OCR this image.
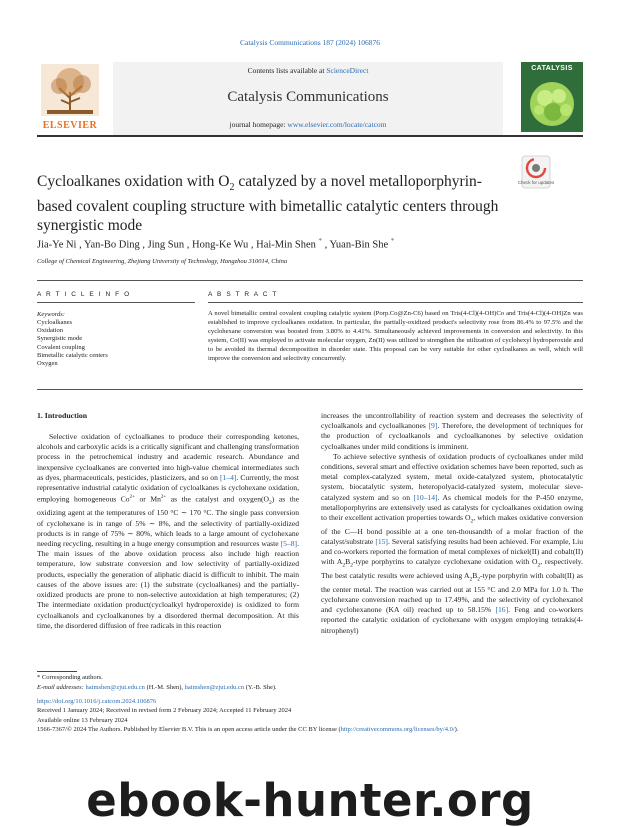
Catalysis Communications 187 (2024) 106876
ELSEVIER
Contents lists available at ScienceDirect
Catalysis Communications
journal homepage: www.elsevier.com/locate/catcom
CATALYSIS
Cycloalkanes oxidation with $O_2$ catalyzed by a novel metalloporphyrin-based covalent coupling structure with bimetallic catalytic centers through synergistic mode
Check for updates
Jia-Ye Ni , Yan-Bo Ding , Jing Sun , Hong-Ke Wu , Hai-Min Shen * , Yuan-Bin She *
College of Chemical Engineering, Zhejiang University of Technology, Hangzhou 310014, China
A R T I C L E I N F O	A B S T R A C T
Keywords:
Cycloalkanes
Oxidation
Synergistic mode
Covalent coupling
Bimetallic catalytic centers
Oxygen
A novel bimetallic central covalent coupling catalytic system (Porp.Co@Zn-C6) based on Tris(4-Cl)(4-OH)Co and Tris(4-Cl)(4-OH)Zn was established to improve cycloalkanes oxidation. In particular, the partially-oxidized product's selectivity rose from 86.4% to 97.5% and the cyclohexane conversion was boosted from 3.80% to 4.41%. Simultaneously achieved improvements in conversion and selectivity. In this system, Co(II) was employed to activate molecular oxygen, Zn(II) was utilized to strengthen the utilization of cyclohexyl hydroperoxide and to be avoided its thermal decomposition in disorder state. This proposal can be very suitable for other cycloalkanes as well, which will improve the conversion and selectivity concurrently.
1. Introduction

Selective oxidation of cycloalkanes to produce their corresponding ketones, alcohols and carboxylic acids is a critically significant and challenging transformation process in the petrochemical industry and academic research. Abundance and inexpensive cycloalkanes are converted into high-value chemical intermediates such as dyes, pharmaceuticals, pesticides, plasticizers, and so on [1–4]. Currently, the most representative industrial catalytic oxidation of cycloalkanes is cyclohexane oxidation, employing homogeneous $Co^{2+}$ or $Mn^{2+}$ as the catalyst and $oxygen(O_2)$ as the oxidizing agent at the temperatures of 150 °C ∼ 170 °C. The single pass conversion of cyclohexane is in range of 5% ∼ 8%, and the selectivity of partially-oxidized products is in range of 75% ∼ 80%, which leads to a large amount of cyclohexane needing recycling, resulting in a huge energy consumption and resources waste [5–8]. The main issues of the above oxidation process also include high reaction temperature, low substrate conversion and low selectivity of partially-oxidized products, especially the generation of aliphatic diacid is difficult to inhibit. The main causes of the above issues are: (1) the substrate (cycloalkanes) and the partially-oxidized products are prone to non-selective autoxidation at high temperatures; (2) The intermediate oxidation product(cycloalkyl hydroperoxide) is oxidized to form cycloalkanols and cycloalkanones by a disordered thermal decomposition. At this time, the disordered diffusion of free radicals in this reaction

increases the uncontrollability of reaction system and decreases the selectivity of cycloalkanols and cycloalkanones [9]. Therefore, the development of techniques for the production of cycloalkanols and cycloalkanones by selective oxidation cycloalkanes under mild conditions is imminent.

To achieve selective synthesis of oxidation products of cycloalkanes under mild conditions, several smart and effective oxidation schemes have been reported, such as metal complex-catalyzed system, metal oxide-catalyzed system, photocatalytic system, biocatalytic system, heteropolyacid-catalyzed system, molecular sieve-catalyzed system and so on [10–14]. As chemical models for the P-450 enzyme, metalloporphyrins are extensively used as catalysts for cycloalkanes oxidation owing to their excellent activation properties towards $O_2$, which makes oxidative conversion of the C—H bond possible at a one ten-thousandth of a molar fraction of the catalyst/substrate [15]. Several satisfying results had been achieved. For example, Liu and co-workers reported the formation of metal complexes of nickel(II) and cobalt(II) with $A_2B_2$-type porphyrins to catalyze cyclohexane oxidation with $O_2$, respectively. The best catalytic results were achieved using $A_2B_2$-type porphyrin with cobalt(II) as the center metal. The reaction was carried out at 155 °C and 2.0 MPa for 1.0 h. The cyclohexane conversion reached up to 17.49%, and the selectivity of cyclohexanol and cyclohexanone (KA oil) reached up to 58.15% [16]. Feng and co-workers reported the catalytic oxidation of cyclohexane with oxygen employing tetrakis(4-nitrophenyl)

* Corresponding authors.
E-mail addresses: haimshen@zjut.edu.cn (H.-M. Shen), haimshen@zjut.edu.cn (Y.-B. She).
https://doi.org/10.1016/j.catcom.2024.106876
Received 1 January 2024; Received in revised form 2 February 2024; Accepted 11 February 2024
Available online 13 February 2024
1566-7367/© 2024 The Authors. Published by Elsevier B.V. This is an open access article under the CC BY license (http://creativecommons.org/licenses/by/4.0/).
ebook-hunter.org
